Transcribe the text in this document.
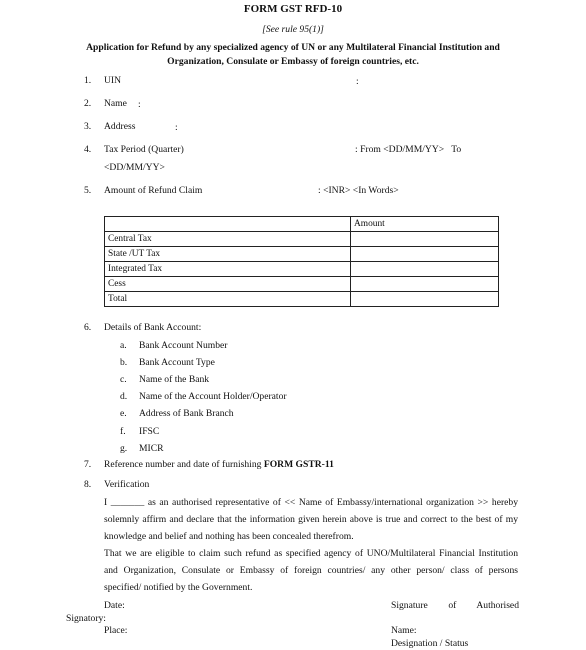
FORM GST RFD-10
[See rule 95(1)]
Application for Refund by any specialized agency of UN or any Multilateral Financial Institution and
Organization, Consulate or Embassy of foreign countries, etc.
1. UIN	:
2. Name :
3. Address	:
4. Tax Period (Quarter)	: From <DD/MM/YY>   To
<DD/MM/YY>
5. Amount of Refund Claim	: <INR> <In Words>
	Amount
Central Tax	
State /UT Tax	
Integrated Tax	
Cess	
Total	
6. Details of Bank Account:
a. Bank Account Number
b. Bank Account Type
c. Name of the Bank
d. Name of the Account Holder/Operator
e. Address of Bank Branch
f. IFSC
g. MICR
7. Reference number and date of furnishing FORM GSTR-11
8. Verification
I _______ as an authorised representative of << Name of Embassy/international organization >> hereby
solemnly affirm and declare that the information given herein above is true and correct to the best of my
knowledge and belief and nothing has been concealed therefrom.
That we are eligible to claim such refund as specified agency of UNO/Multilateral Financial Institution
and Organization, Consulate or Embassy of foreign countries/ any other person/ class of persons
specified/ notified by the Government.
Date:	Signature of Authorised
Signatory:
Place:	Name:
Designation / Status
